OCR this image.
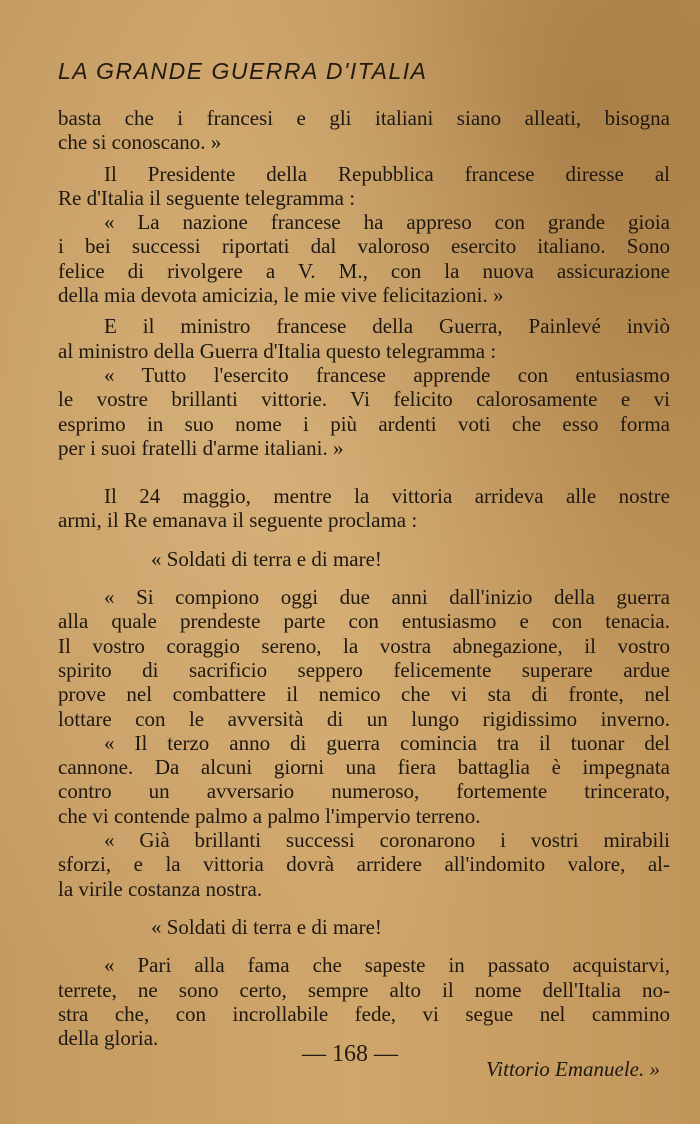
LA GRANDE GUERRA D'ITALIA
basta che i francesi e gli italiani siano alleati, bisogna
che si conoscano. »
Il Presidente della Repubblica francese diresse al
Re d'Italia il seguente telegramma :
« La nazione francese ha appreso con grande gioia
i bei successi riportati dal valoroso esercito italiano. Sono
felice di rivolgere a V. M., con la nuova assicurazione
della mia devota amicizia, le mie vive felicitazioni. »
E il ministro francese della Guerra, Painlevé inviò
al ministro della Guerra d'Italia questo telegramma :
« Tutto l'esercito francese apprende con entusiasmo
le vostre brillanti vittorie. Vi felicito calorosamente e vi
esprimo in suo nome i più ardenti voti che esso forma
per i suoi fratelli d'arme italiani. »
Il 24 maggio, mentre la vittoria arrideva alle nostre
armi, il Re emanava il seguente proclama :
« Soldati di terra e di mare!
« Si compiono oggi due anni dall'inizio della guerra
alla quale prendeste parte con entusiasmo e con tenacia.
Il vostro coraggio sereno, la vostra abnegazione, il vostro
spirito di sacrificio seppero felicemente superare ardue
prove nel combattere il nemico che vi sta di fronte, nel
lottare con le avversità di un lungo rigidissimo inverno.
« Il terzo anno di guerra comincia tra il tuonar del
cannone. Da alcuni giorni una fiera battaglia è impegnata
contro un avversario numeroso, fortemente trincerato,
che vi contende palmo a palmo l'impervio terreno.
« Già brillanti successi coronarono i vostri mirabili
sforzi, e la vittoria dovrà arridere all'indomito valore, al-
la virile costanza nostra.
« Soldati di terra e di mare!
« Pari alla fama che sapeste in passato acquistarvi,
terrete, ne sono certo, sempre alto il nome dell'Italia no-
stra che, con incrollabile fede, vi segue nel cammino
della gloria.
Vittorio Emanuele. »
— 168 —
